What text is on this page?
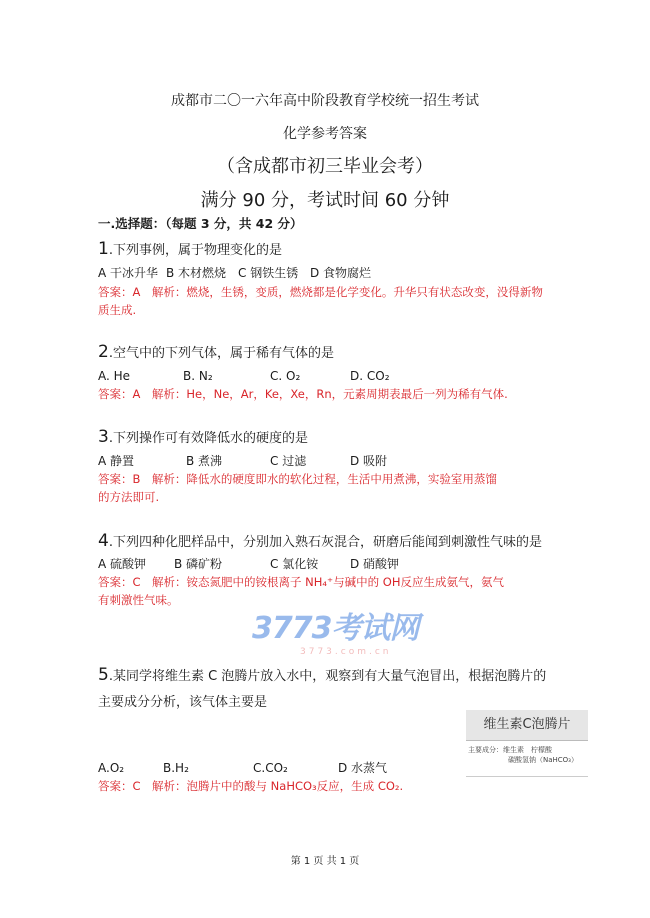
成都市二〇一六年高中阶段教育学校统一招生考试
化学参考答案
（含成都市初三毕业会考）
满分 90 分，考试时间 60 分钟
一.选择题：（每题 3 分，共 42 分）
1.下列事例，属于物理变化的是
A 干冰升华 B 木材燃烧 C 钢铁生锈 D 食物腐烂
答案：A　解析：燃烧，生锈，变质，燃烧都是化学变化。升华只有状态改变，没得新物
质生成.
2.空气中的下列气体，属于稀有气体的是
A. He	B. N₂	C. O₂	D. CO₂
答案：A　解析：He，Ne，Ar，Ke，Xe，Rn，元素周期表最后一列为稀有气体.
3.下列操作可有效降低水的硬度的是
A 静置	B 煮沸	C 过滤	D 吸附
答案：B　解析：降低水的硬度即水的软化过程，生活中用煮沸，实验室用蒸馏
的方法即可.
4.下列四种化肥样品中，分别加入熟石灰混合，研磨后能闻到刺激性气味的是
A 硫酸钾 B 磷矿粉	C 氯化铵	D 硝酸钾
答案：C　解析：铵态氮肥中的铵根离子 NH₄⁺与碱中的 OH反应生成氨气，氨气
有刺激性气味。
5.某同学将维生素 C 泡腾片放入水中，观察到有大量气泡冒出，根据泡腾片的
主要成分分析，该气体主要是
A.O₂	B.H₂	C.CO₂	D 水蒸气
答案：C　解析：泡腾片中的酸与 NaHCO₃反应，生成 CO₂.
3773考试网
3773.com.cn
维生素C泡腾片
主要成分：维生素　柠檬酸
碳酸氢钠（NaHCO₃）
第 1 页 共 1 页
